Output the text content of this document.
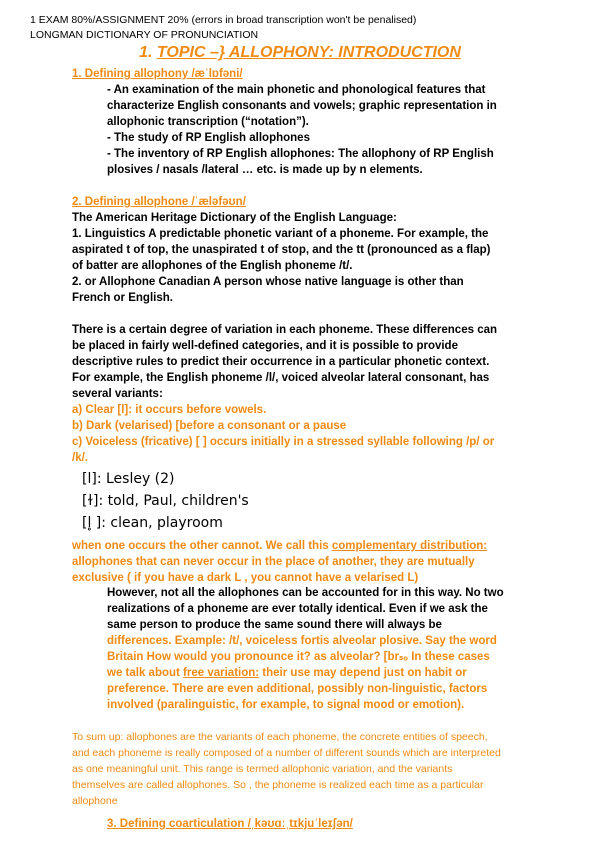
1 EXAM 80%/ASSIGNMENT 20% (errors in broad transcription won't be penalised)
LONGMAN DICTIONARY OF PRONUNCIATION
1. TOPIC –} ALLOPHONY: INTRODUCTION
1. Defining allophony /æˈlɒfəni/
- An examination of the main phonetic and phonological features that
characterize English consonants and vowels; graphic representation in
allophonic transcription (“notation”).
- The study of RP English allophones
- The inventory of RP English allophones: The allophony of RP English
plosives / nasals /lateral … etc. is made up by n elements.
2. Defining allophone /ˈæləfəʊn/
The American Heritage Dictionary of the English Language:
1. Linguistics A predictable phonetic variant of a phoneme. For example, the
aspirated t of top, the unaspirated t of stop, and the tt (pronounced as a flap)
of batter are allophones of the English phoneme /t/.
2. or Allophone Canadian A person whose native language is other than
French or English.
There is a certain degree of variation in each phoneme. These differences can
be placed in fairly well-defined categories, and it is possible to provide
descriptive rules to predict their occurrence in a particular phonetic context.
For example, the English phoneme /l/, voiced alveolar lateral consonant, has
several variants:
a) Clear [l]: it occurs before vowels.
b) Dark (velarised) [before a consonant or a pause
c) Voiceless (fricative) [ ] occurs initially in a stressed syllable following /p/ or
/k/.
[l]: Lesley (2)
[ɫ]: told, Paul, children's
[l̥ ]: clean, playroom
when one occurs the other cannot. We call this complementary distribution:
allophones that can never occur in the place of another, they are mutually
exclusive ( if you have a dark L , you cannot have a velarised L)
However, not all the allophones can be accounted for in this way. No two
realizations of a phoneme are ever totally identical. Even if we ask the
same person to produce the same sound there will always be
differences. Example: /t/, voiceless fortis alveolar plosive. Say the word
Britain How would you pronounce it? as alveolar? [brₛₒ In these cases
we talk about free variation: their use may depend just on habit or
preference. There are even additional, possibly non-linguistic, factors
involved (paralinguistic, for example, to signal mood or emotion).
To sum up: allophones are the variants of each phoneme, the concrete entities of speech,
and each phoneme is really composed of a number of different sounds which are interpreted
as one meaningful unit. This range is termed allophonic variation, and the variants
themselves are called allophones. So , the phoneme is realized each time as a particular
allophone
3. Defining coarticulation /ˌkəʊɑːˌtɪkjuˈleɪʃən/
